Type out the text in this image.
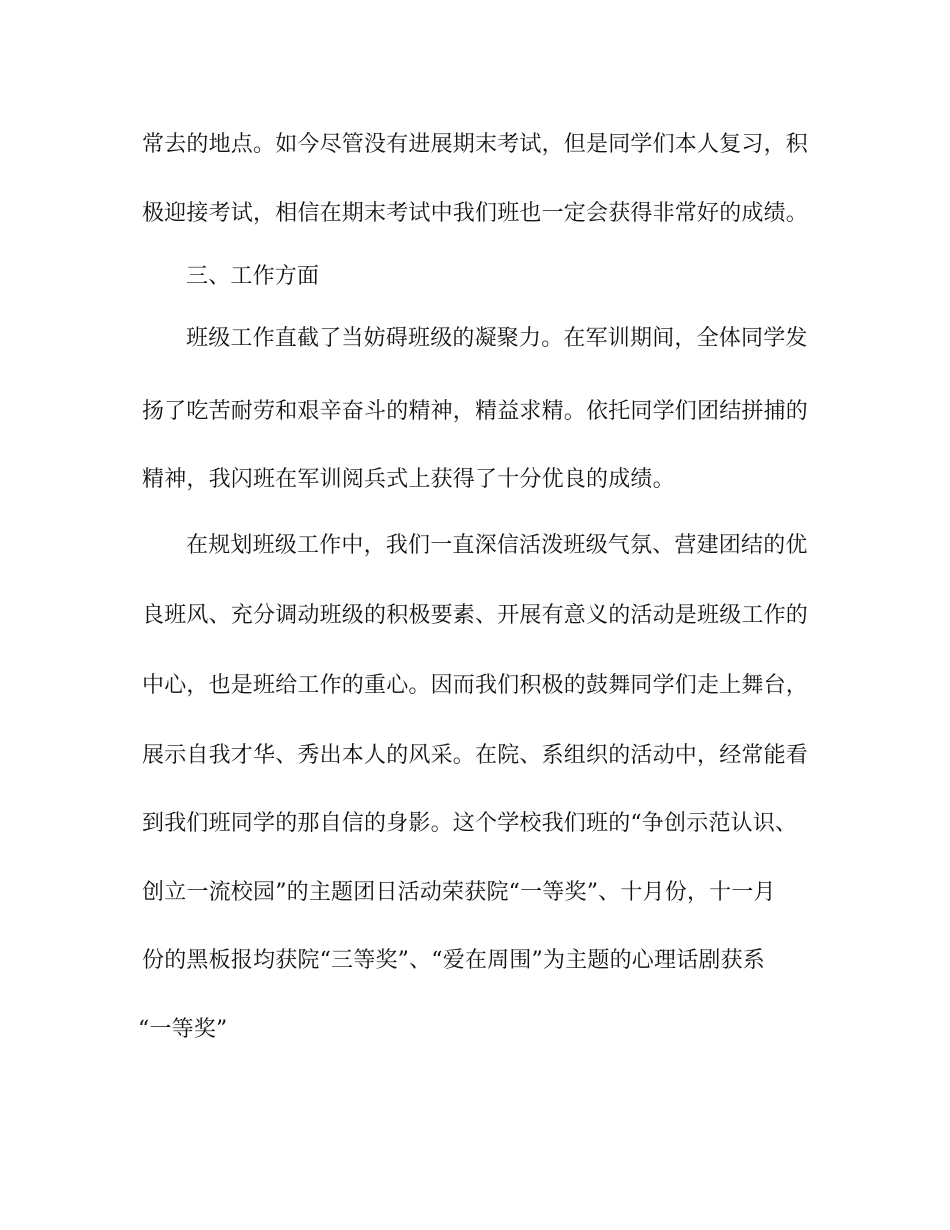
常去的地点。如今尽管没有进展期末考试，但是同学们本人复习，积
极迎接考试，相信在期末考试中我们班也一定会获得非常好的成绩。
三、工作方面
班级工作直截了当妨碍班级的凝聚力。在军训期间，全体同学发
扬了吃苦耐劳和艰辛奋斗的精神，精益求精。依托同学们团结拼捕的
精神，我闪班在军训阅兵式上获得了十分优良的成绩。
在规划班级工作中，我们一直深信活泼班级气氛、营建团结的优
良班风、充分调动班级的积极要素、开展有意义的活动是班级工作的
中心，也是班给工作的重心。因而我们积极的鼓舞同学们走上舞台，
展示自我才华、秀出本人的风采。在院、系组织的活动中，经常能看
到我们班同学的那自信的身影。这个学校我们班的“争创示范认识、
创立一流校园”的主题团日活动荣获院“一等奖”、十月份，十一月
份的黑板报均获院“三等奖”、“爱在周围”为主题的心理话剧获系
“一等奖”
